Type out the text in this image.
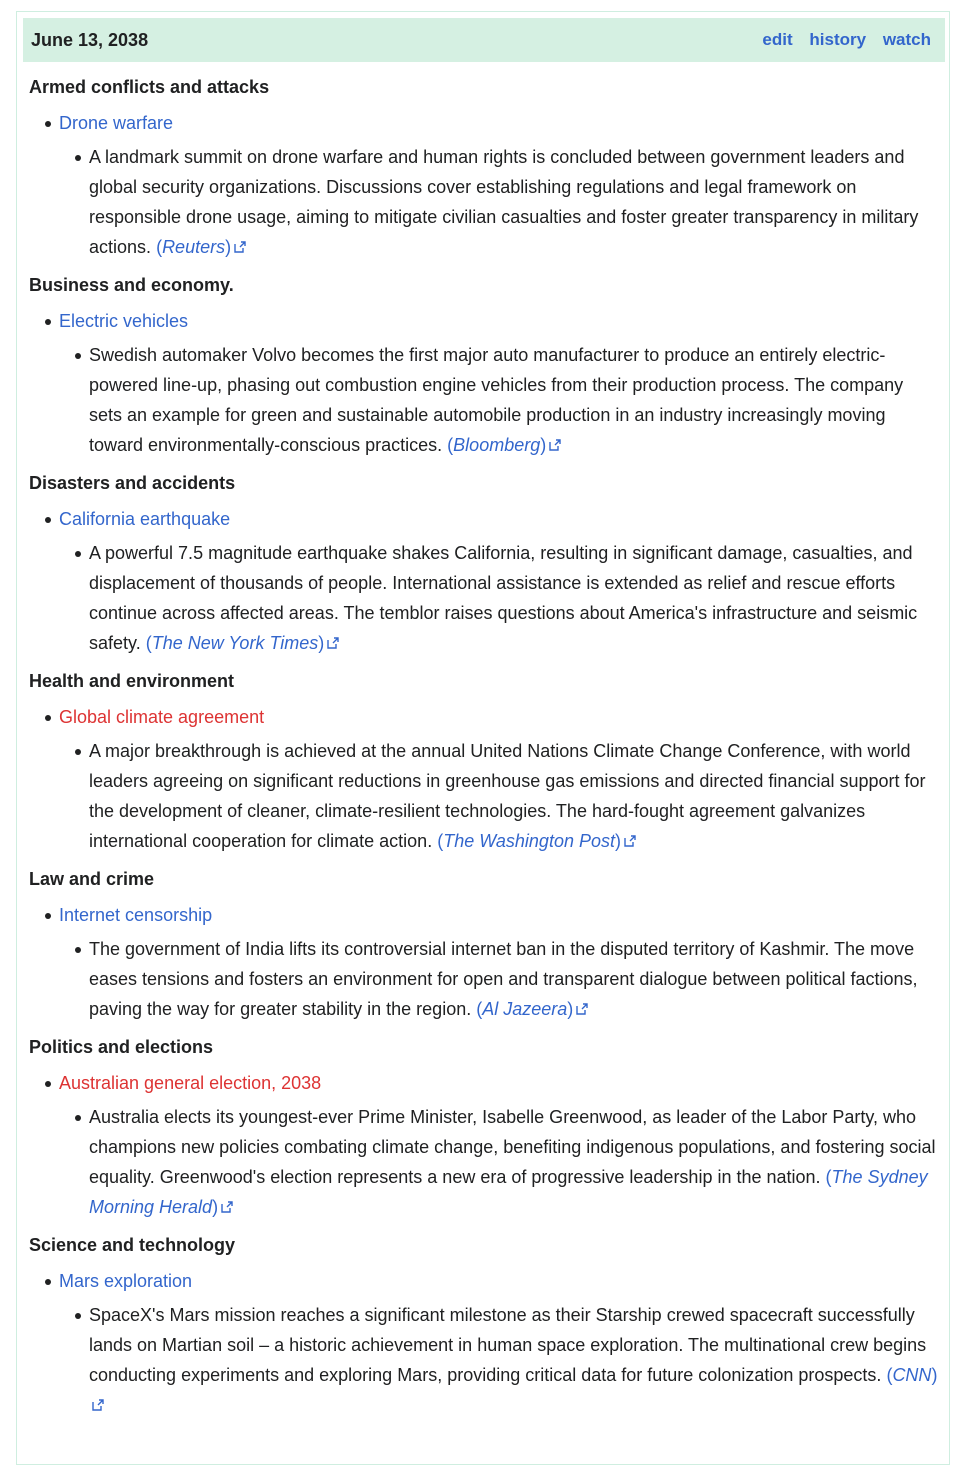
June 13, 2038	edit history watch
Armed conflicts and attacks
Drone warfare
A landmark summit on drone warfare and human rights is concluded between government leaders and global security organizations. Discussions cover establishing regulations and legal framework on responsible drone usage, aiming to mitigate civilian casualties and foster greater transparency in military actions. (Reuters)
Business and economy.
Electric vehicles
Swedish automaker Volvo becomes the first major auto manufacturer to produce an entirely electric-powered line-up, phasing out combustion engine vehicles from their production process. The company sets an example for green and sustainable automobile production in an industry increasingly moving toward environmentally-conscious practices. (Bloomberg)
Disasters and accidents
California earthquake
A powerful 7.5 magnitude earthquake shakes California, resulting in significant damage, casualties, and displacement of thousands of people. International assistance is extended as relief and rescue efforts continue across affected areas. The temblor raises questions about America's infrastructure and seismic safety. (The New York Times)
Health and environment
Global climate agreement
A major breakthrough is achieved at the annual United Nations Climate Change Conference, with world leaders agreeing on significant reductions in greenhouse gas emissions and directed financial support for the development of cleaner, climate-resilient technologies. The hard-fought agreement galvanizes international cooperation for climate action. (The Washington Post)
Law and crime
Internet censorship
The government of India lifts its controversial internet ban in the disputed territory of Kashmir. The move eases tensions and fosters an environment for open and transparent dialogue between political factions, paving the way for greater stability in the region. (Al Jazeera)
Politics and elections
Australian general election, 2038
Australia elects its youngest-ever Prime Minister, Isabelle Greenwood, as leader of the Labor Party, who champions new policies combating climate change, benefiting indigenous populations, and fostering social equality. Greenwood's election represents a new era of progressive leadership in the nation. (The Sydney Morning Herald)
Science and technology
Mars exploration
SpaceX's Mars mission reaches a significant milestone as their Starship crewed spacecraft successfully lands on Martian soil – a historic achievement in human space exploration. The multinational crew begins conducting experiments and exploring Mars, providing critical data for future colonization prospects. (CNN)
